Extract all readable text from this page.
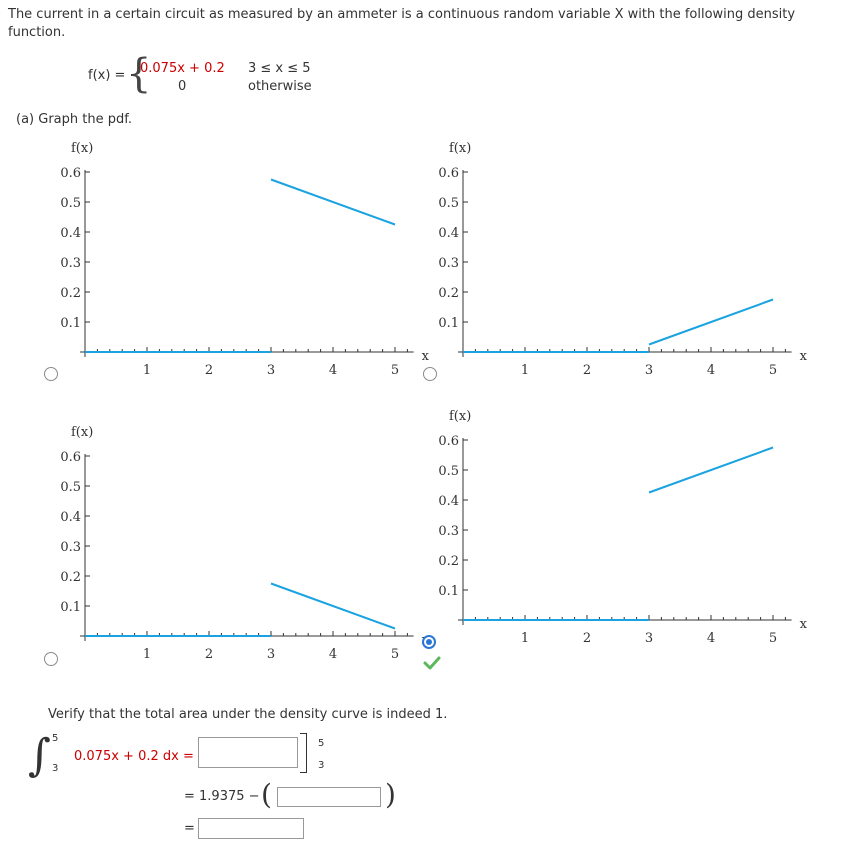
The current in a certain circuit as measured by an ammeter is a continuous random variable X with the following density
function.
f(x) = {
0.075x + 0.2 3 ≤ x ≤ 5
0	otherwise
(a) Graph the pdf.
1	2	3	4	5
0.6
0.5
0.4
0.3
0.2
0.1
x
f(x)
1	2	3	4	5
0.6
0.5
0.4
0.3
0.2
0.1
x
f(x)
1	2	3	4	5
0.6
0.5
0.4
0.3
0.2
0.1
f(x)
1	2	3	4	5
0.6
0.5
0.4
0.3
0.2
0.1
x
f(x)
Verify that the total area under the density curve is indeed 1.
∫ 5
3
0.075x + 0.2 dx =
5
3
= 1.9375 − (	)
=
